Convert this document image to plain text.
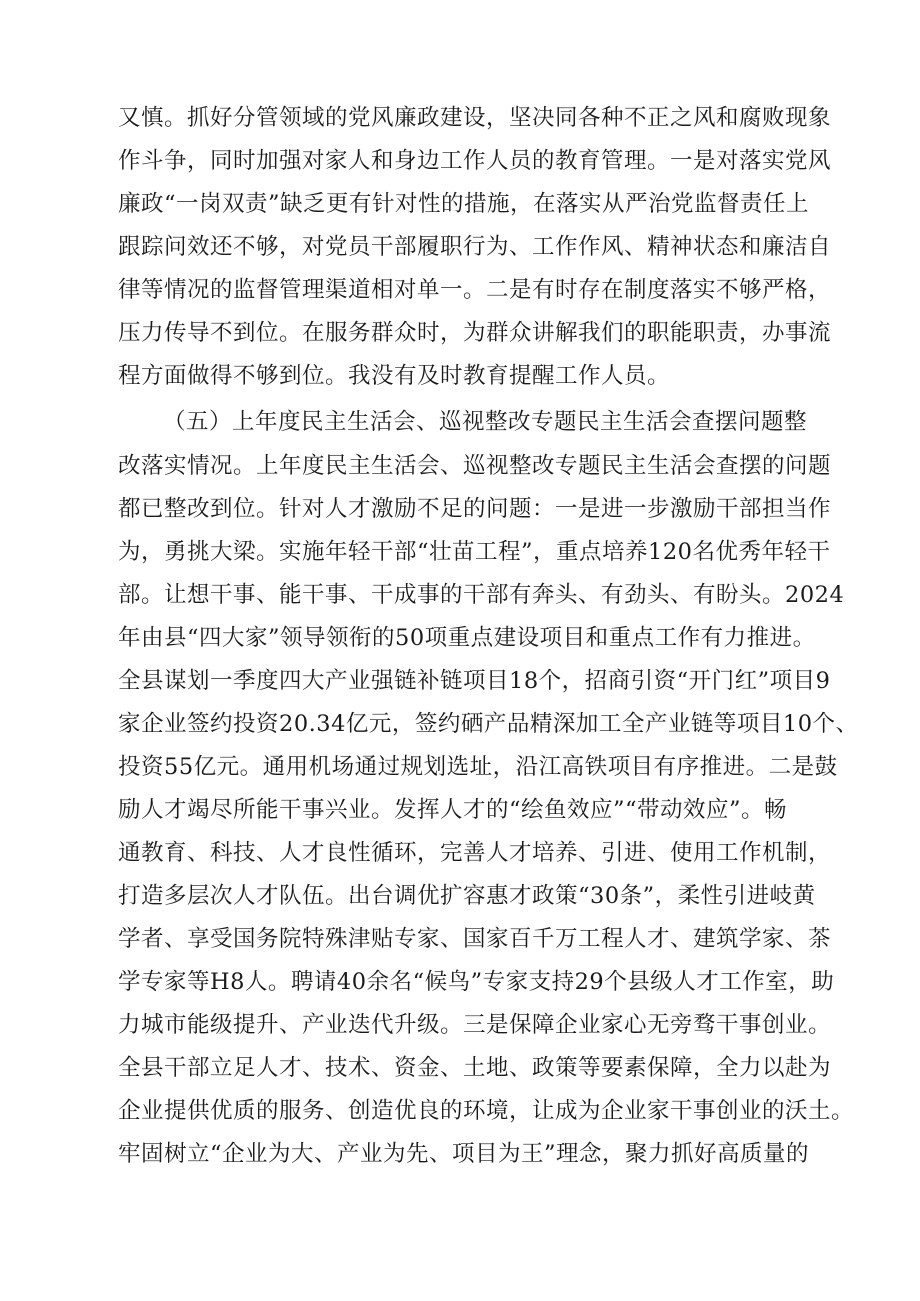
又慎。抓好分管领域的党风廉政建设，坚决同各种不正之风和腐败现象
作斗争，同时加强对家人和身边工作人员的教育管理。一是对落实党风
廉政“一岗双责”缺乏更有针对性的措施，在落实从严治党监督责任上
跟踪问效还不够，对党员干部履职行为、工作作风、精神状态和廉洁自
律等情况的监督管理渠道相对单一。二是有时存在制度落实不够严格，
压力传导不到位。在服务群众时，为群众讲解我们的职能职责，办事流
程方面做得不够到位。我没有及时教育提醒工作人员。
（五）上年度民主生活会、巡视整改专题民主生活会查摆问题整
改落实情况。上年度民主生活会、巡视整改专题民主生活会查摆的问题
都已整改到位。针对人才激励不足的问题：一是进一步激励干部担当作
为，勇挑大梁。实施年轻干部“壮苗工程”，重点培养120名优秀年轻干
部。让想干事、能干事、干成事的干部有奔头、有劲头、有盼头。2024
年由县“四大家”领导领衔的50项重点建设项目和重点工作有力推进。
全县谋划一季度四大产业强链补链项目18个，招商引资“开门红”项目9
家企业签约投资20.34亿元，签约硒产品精深加工全产业链等项目10个、
投资55亿元。通用机场通过规划选址，沿江高铁项目有序推进。二是鼓
励人才竭尽所能干事兴业。发挥人才的“绘鱼效应”“带动效应”。畅
通教育、科技、人才良性循环，完善人才培养、引进、使用工作机制，
打造多层次人才队伍。出台调优扩容惠才政策“30条”，柔性引进岐黄
学者、享受国务院特殊津贴专家、国家百千万工程人才、建筑学家、茶
学专家等H8人。聘请40余名“候鸟”专家支持29个县级人才工作室，助
力城市能级提升、产业迭代升级。三是保障企业家心无旁骛干事创业。
全县干部立足人才、技术、资金、土地、政策等要素保障，全力以赴为
企业提供优质的服务、创造优良的环境，让成为企业家干事创业的沃土。
牢固树立“企业为大、产业为先、项目为王”理念，聚力抓好高质量的
